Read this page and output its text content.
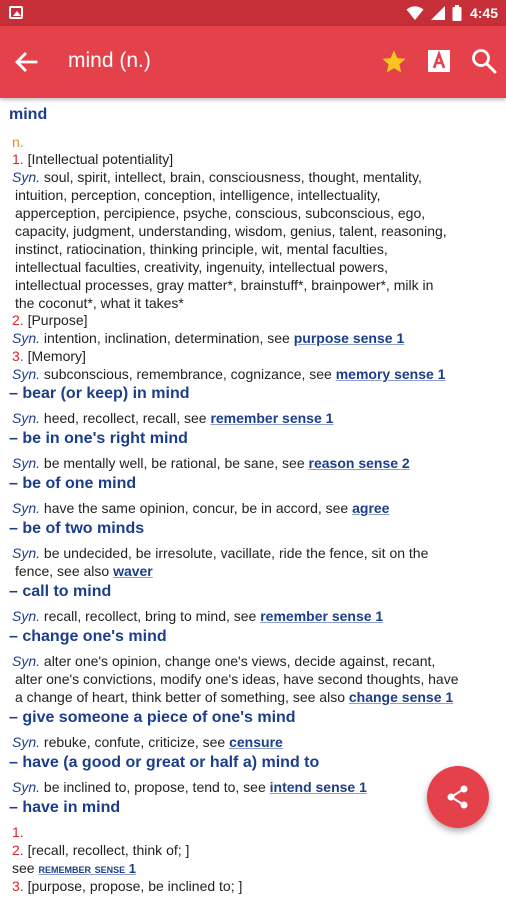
4:45
mind (n.)
mind
n.
1. [Intellectual potentiality]
Syn. soul, spirit, intellect, brain, consciousness, thought, mentality,
intuition, perception, conception, intelligence, intellectuality,
apperception, percipience, psyche, conscious, subconscious, ego,
capacity, judgment, understanding, wisdom, genius, talent, reasoning,
instinct, ratiocination, thinking principle, wit, mental faculties,
intellectual faculties, creativity, ingenuity, intellectual powers,
intellectual processes, gray matter*, brainstuff*, brainpower*, milk in
the coconut*, what it takes*
2. [Purpose]
Syn. intention, inclination, determination, see purpose sense 1
3. [Memory]
Syn. subconscious, remembrance, cognizance, see memory sense 1
– bear (or keep) in mind
Syn. heed, recollect, recall, see remember sense 1
– be in one's right mind
Syn. be mentally well, be rational, be sane, see reason sense 2
– be of one mind
Syn. have the same opinion, concur, be in accord, see agree
– be of two minds
Syn. be undecided, be irresolute, vacillate, ride the fence, sit on the
fence, see also waver
– call to mind
Syn. recall, recollect, bring to mind, see remember sense 1
– change one's mind
Syn. alter one's opinion, change one's views, decide against, recant,
alter one's convictions, modify one's ideas, have second thoughts, have
a change of heart, think better of something, see also change sense 1
– give someone a piece of one's mind
Syn. rebuke, confute, criticize, see censure
– have (a good or great or half a) mind to
Syn. be inclined to, propose, tend to, see intend sense 1
– have in mind
1.
2. [recall, recollect, think of; ]
see remember sense 1
3. [purpose, propose, be inclined to; ]
